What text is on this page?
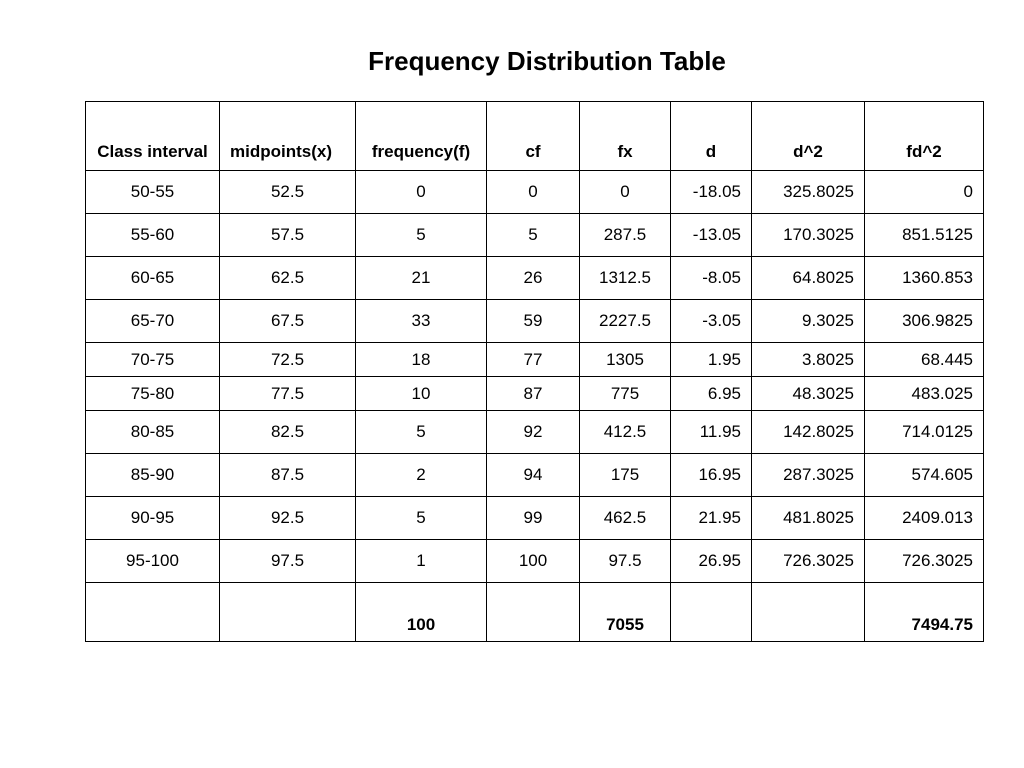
Frequency Distribution Table
Class interval	midpoints(x)	frequency(f)	cf	fx	d	d^2	fd^2
50-55	52.5	0	0	0	-18.05	325.8025	0
55-60	57.5	5	5	287.5	-13.05	170.3025	851.5125
60-65	62.5	21	26	1312.5	-8.05	64.8025	1360.853
65-70	67.5	33	59	2227.5	-3.05	9.3025	306.9825
70-75	72.5	18	77	1305	1.95	3.8025	68.445
75-80	77.5	10	87	775	6.95	48.3025	483.025
80-85	82.5	5	92	412.5	11.95	142.8025	714.0125
85-90	87.5	2	94	175	16.95	287.3025	574.605
90-95	92.5	5	99	462.5	21.95	481.8025	2409.013
95-100	97.5	1	100	97.5	26.95	726.3025	726.3025
		100		7055			7494.75
